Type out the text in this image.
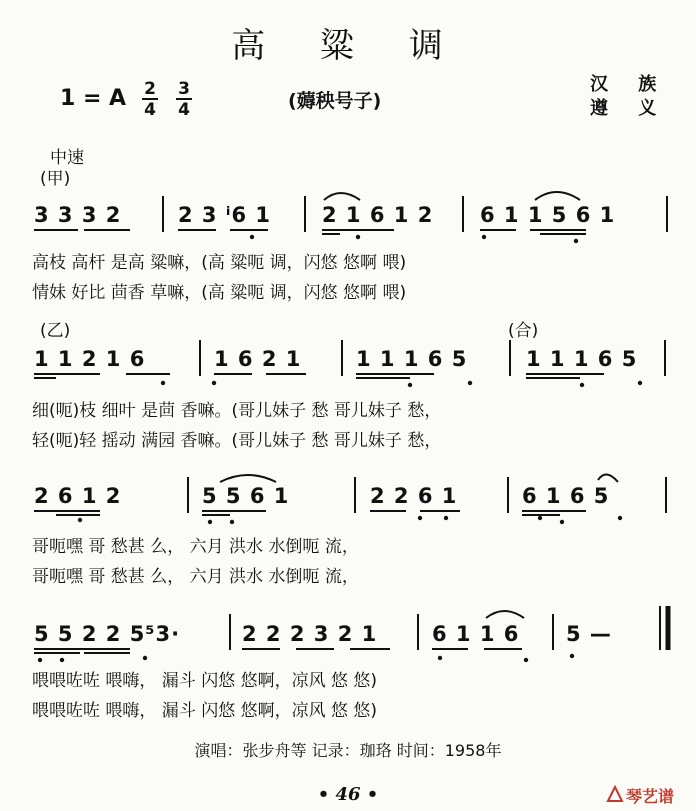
高 粱 调
1 = A $\frac{2}{4} \frac{3}{4}$	(薅秧号子)
汉 族
遵 义
中速
(甲)
(乙)	(合)
3 3 3 2	2 3 ⁱ6 1 2 1 6 1 2 6 1 1 5 6 1
高枝 高杆 是高 粱嘛，(高 粱呃 调，闪悠 悠啊 喂)
情妹 好比 茴香 草嘛，(高 粱呃 调，闪悠 悠啊 喂)
1 1 2 1 6	1 6 2 1	1 1 1 6 5	1 1 1 6 5
细(呃)枝 细叶 是茴 香嘛。(哥儿妹子 愁 哥儿妹子 愁，
轻(呃)轻 摇动 满园 香嘛。(哥儿妹子 愁 哥儿妹子 愁，
2 6 1 2	5 5 6 1	2 2 6 1	6 1 6 5
哥呃嘿 哥 愁甚 么， 六月 洪水 水倒呃 流，
哥呃嘿 哥 愁甚 么， 六月 洪水 水倒呃 流，
5 5 2 2 5⁵3·	2 2 2 3 2 1	6 1 1 6 5 —
喂喂咗咗 喂嗨， 漏斗 闪悠 悠啊，凉风 悠 悠)
喂喂咗咗 喂嗨， 漏斗 闪悠 悠啊，凉风 悠 悠)
演唱：张步舟等 记录：珈珞 时间：1958年
• 46 •	琴艺谱
